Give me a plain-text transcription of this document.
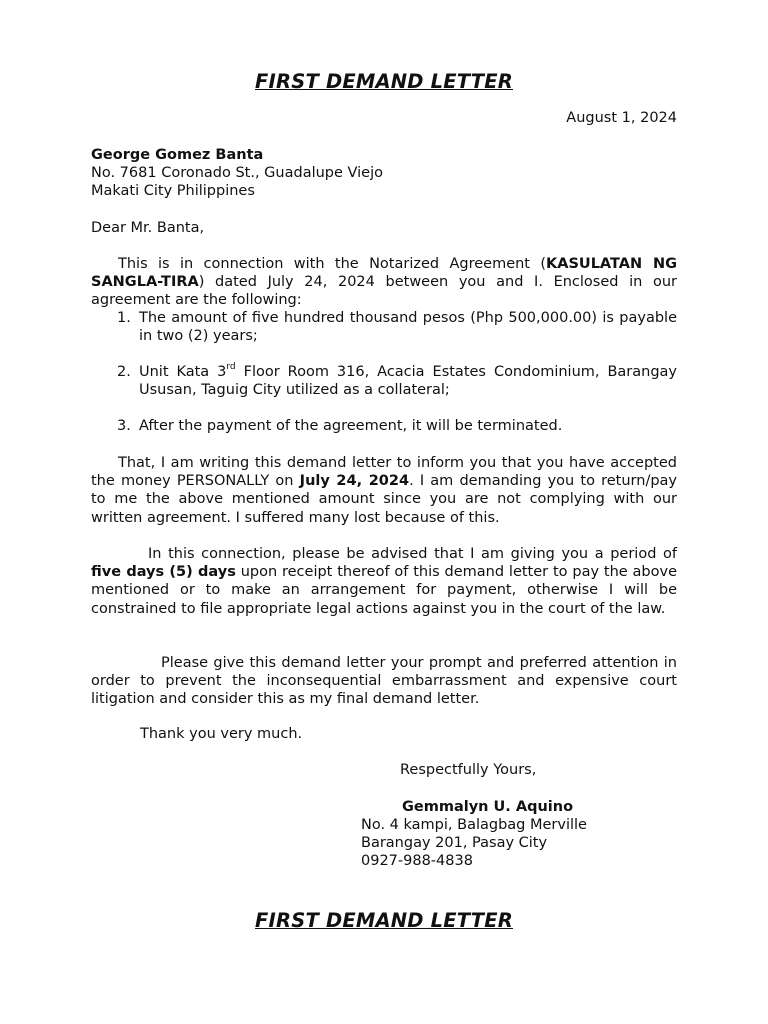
FIRST DEMAND LETTER
August 1, 2024
George Gomez Banta
No. 7681 Coronado St., Guadalupe Viejo
Makati City Philippines
Dear Mr. Banta,
This is in connection with the Notarized Agreement (KASULATAN NG SANGLA-TIRA) dated July 24, 2024 between you and I. Enclosed in our agreement are the following:
1. The amount of five hundred thousand pesos (Php 500,000.00) is payable in two (2) years;
2. Unit Kata 3rd Floor Room 316, Acacia Estates Condominium, Barangay Ususan, Taguig City utilized as a collateral;
3. After the payment of the agreement, it will be terminated.
That, I am writing this demand letter to inform you that you have accepted the money PERSONALLY on July 24, 2024. I am demanding you to return/pay to me the above mentioned amount since you are not complying with our written agreement. I suffered many lost because of this.
In this connection, please be advised that I am giving you a period of five days (5) days upon receipt thereof of this demand letter to pay the above mentioned or to make an arrangement for payment, otherwise I will be constrained to file appropriate legal actions against you in the court of the law.
Please give this demand letter your prompt and preferred attention in order to prevent the inconsequential embarrassment and expensive court litigation and consider this as my final demand letter.
Thank you very much.
Respectfully Yours,
Gemmalyn U. Aquino
No. 4 kampi, Balagbag Merville
Barangay 201, Pasay City
0927-988-4838
FIRST DEMAND LETTER
